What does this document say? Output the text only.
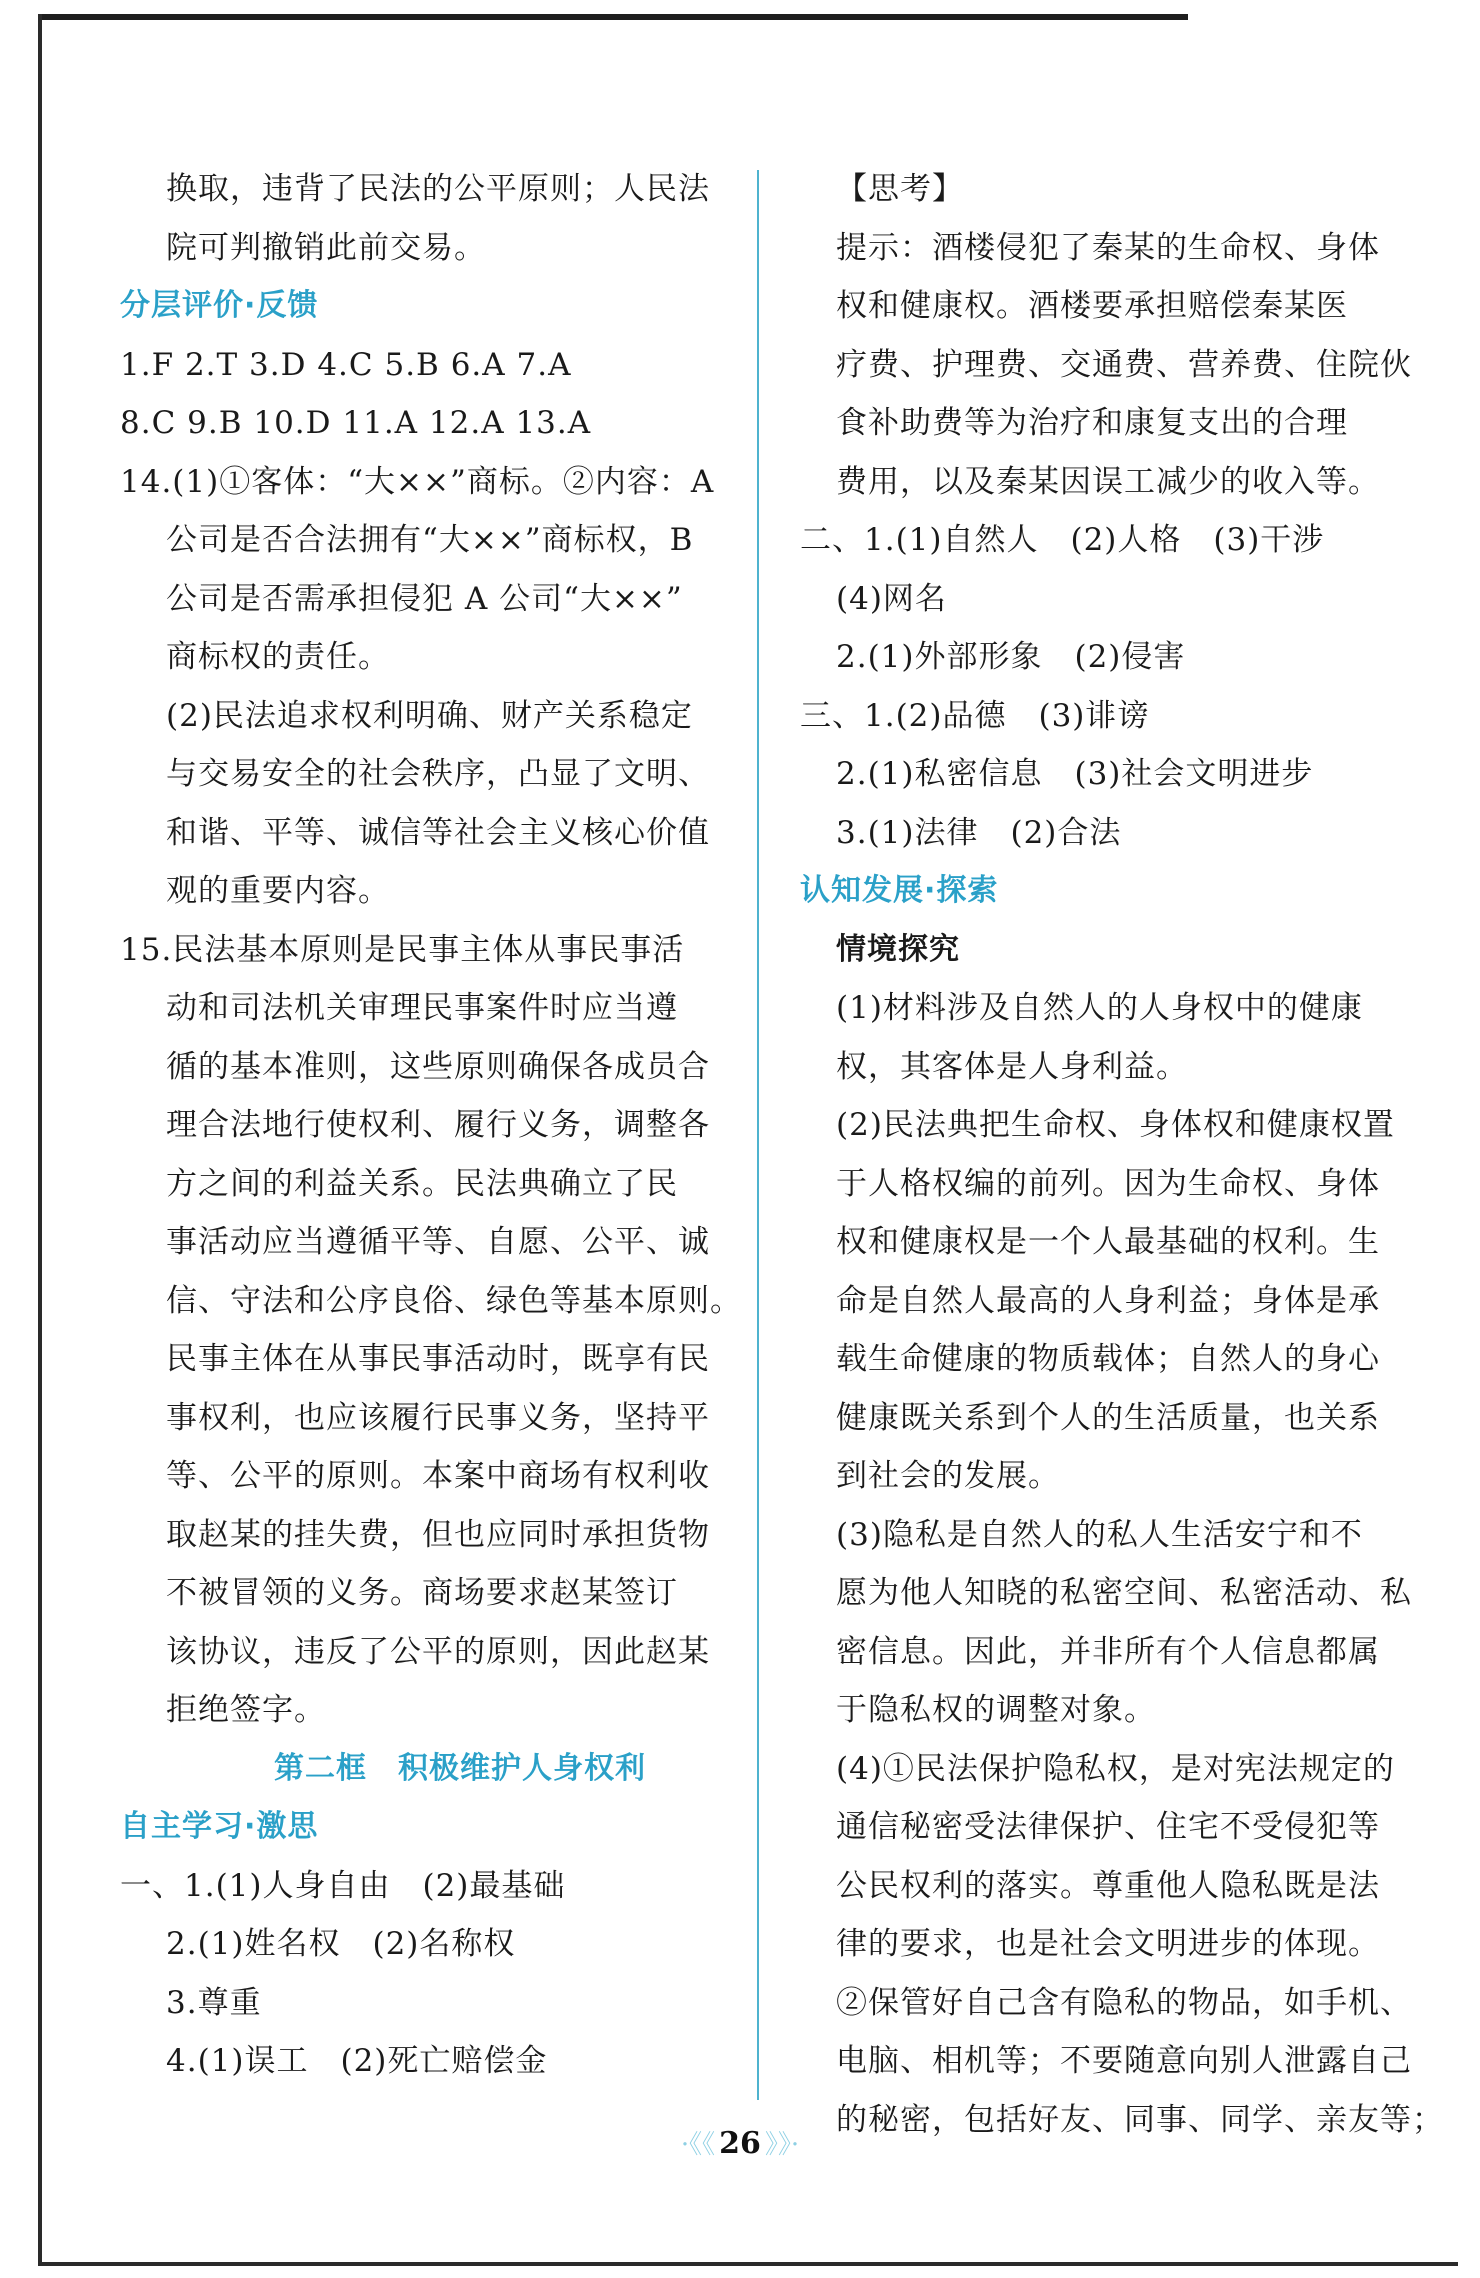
换取，违背了民法的公平原则；人民法
院可判撤销此前交易。
分层评价·反馈
1.F 2.T 3.D 4.C 5.B 6.A 7.A
8.C 9.B 10.D 11.A 12.A 13.A
14.(1)①客体：“大××”商标。②内容：A
公司是否合法拥有“大××”商标权，B
公司是否需承担侵犯 A 公司“大××”
商标权的责任。
(2)民法追求权利明确、财产关系稳定
与交易安全的社会秩序，凸显了文明、
和谐、平等、诚信等社会主义核心价值
观的重要内容。
15.民法基本原则是民事主体从事民事活
动和司法机关审理民事案件时应当遵
循的基本准则，这些原则确保各成员合
理合法地行使权利、履行义务，调整各
方之间的利益关系。民法典确立了民
事活动应当遵循平等、自愿、公平、诚
信、守法和公序良俗、绿色等基本原则。
民事主体在从事民事活动时，既享有民
事权利，也应该履行民事义务，坚持平
等、公平的原则。本案中商场有权利收
取赵某的挂失费，但也应同时承担货物
不被冒领的义务。商场要求赵某签订
该协议，违反了公平的原则，因此赵某
拒绝签字。
第二框　积极维护人身权利
自主学习·激思
一、1.(1)人身自由　(2)最基础
2.(1)姓名权　(2)名称权
3.尊重
4.(1)误工　(2)死亡赔偿金
【思考】
提示：酒楼侵犯了秦某的生命权、身体
权和健康权。酒楼要承担赔偿秦某医
疗费、护理费、交通费、营养费、住院伙
食补助费等为治疗和康复支出的合理
费用，以及秦某因误工减少的收入等。
二、1.(1)自然人　(2)人格　(3)干涉
(4)网名
2.(1)外部形象　(2)侵害
三、1.(2)品德　(3)诽谤
2.(1)私密信息　(3)社会文明进步
3.(1)法律　(2)合法
认知发展·探索
情境探究
(1)材料涉及自然人的人身权中的健康
权，其客体是人身利益。
(2)民法典把生命权、身体权和健康权置
于人格权编的前列。因为生命权、身体
权和健康权是一个人最基础的权利。生
命是自然人最高的人身利益；身体是承
载生命健康的物质载体；自然人的身心
健康既关系到个人的生活质量，也关系
到社会的发展。
(3)隐私是自然人的私人生活安宁和不
愿为他人知晓的私密空间、私密活动、私
密信息。因此，并非所有个人信息都属
于隐私权的调整对象。
(4)①民法保护隐私权，是对宪法规定的
通信秘密受法律保护、住宅不受侵犯等
公民权利的落实。尊重他人隐私既是法
律的要求，也是社会文明进步的体现。
②保管好自己含有隐私的物品，如手机、
电脑、相机等；不要随意向别人泄露自己
的秘密，包括好友、同事、同学、亲友等；
·《《 26 》》·
